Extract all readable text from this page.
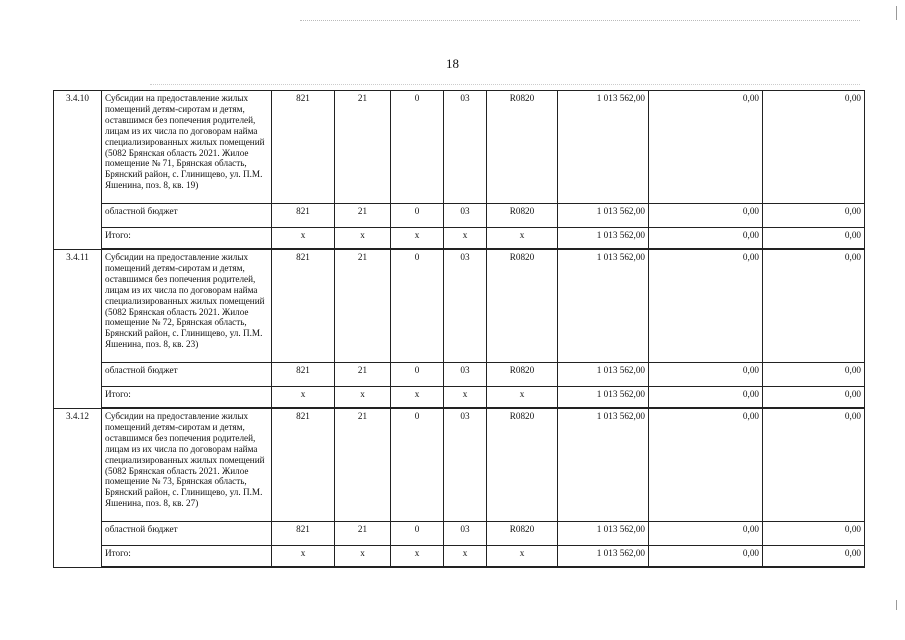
18
3.4.10	Субсидии на предоставление жилых помещений детям-сиротам и детям, оставшимся без попечения родителей, лицам из их числа по договорам найма специализированных жилых помещений (5082 Брянская область 2021. Жилое помещение № 71, Брянская область, Брянский район, с. Глинищево, ул. П.М. Яшенина, поз. 8, кв. 19)	821	21	0	03	R0820	1 013 562,00	0,00	0,00
	областной бюджет	821	21	0	03	R0820	1 013 562,00	0,00	0,00
	Итого:	x	x	x	x	x	1 013 562,00	0,00	0,00
3.4.11	Субсидии на предоставление жилых помещений детям-сиротам и детям, оставшимся без попечения родителей, лицам из их числа по договорам найма специализированных жилых помещений (5082 Брянская область 2021. Жилое помещение № 72, Брянская область, Брянский район, с. Глинищево, ул. П.М. Яшенина, поз. 8, кв. 23)	821	21	0	03	R0820	1 013 562,00	0,00	0,00
	областной бюджет	821	21	0	03	R0820	1 013 562,00	0,00	0,00
	Итого:	x	x	x	x	x	1 013 562,00	0,00	0,00
3.4.12	Субсидии на предоставление жилых помещений детям-сиротам и детям, оставшимся без попечения родителей, лицам из их числа по договорам найма специализированных жилых помещений (5082 Брянская область 2021. Жилое помещение № 73, Брянская область, Брянский район, с. Глинищево, ул. П.М. Яшенина, поз. 8, кв. 27)	821	21	0	03	R0820	1 013 562,00	0,00	0,00
	областной бюджет	821	21	0	03	R0820	1 013 562,00	0,00	0,00
	Итого:	x	x	x	x	x	1 013 562,00	0,00	0,00
